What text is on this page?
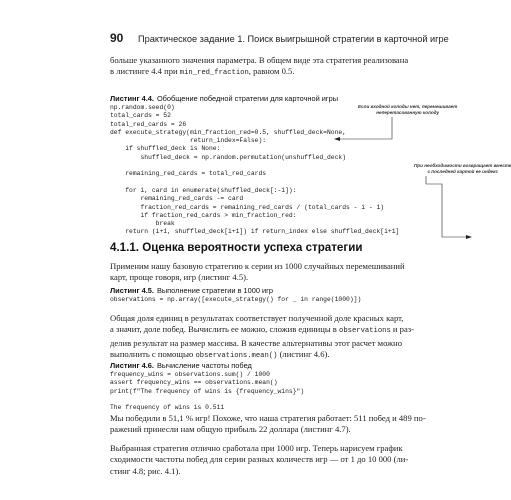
90	Практическое задание 1. Поиск выигрышной стратегии в карточной игре
больше указанного значения параметра. В общем виде эта стратегия реализована
в листинге 4.4 при min_red_fraction, равном 0.5.
Листинг 4.4. Обобщение победной стратегии для карточной игры
np.random.seed(0)
total_cards = 52
total_red_cards = 26
def execute_strategy(min_fraction_red=0.5, shuffled_deck=None,
return_index=False):
if shuffled_deck is None:
shuffled_deck = np.random.permutation(unshuffled_deck)
remaining_red_cards = total_red_cards
for i, card in enumerate(shuffled_deck[:-1]):
remaining_red_cards -= card
fraction_red_cards = remaining_red_cards / (total_cards - i - 1)
if fraction_red_cards > min_fraction_red:
break
return (i+1, shuffled_deck[i+1]) if return_index else shuffled_deck[i+1]
Если входной колоды нет, перемешивает
неперетасованную колоду
При необходимости возвращает вместе
с последней картой ее индекс
4.1.1. Оценка вероятности успеха стратегии
Применим нашу базовую стратегию к серии из 1000 случайных перемешиваний
карт, проще говоря, игр (листинг 4.5).
Листинг 4.5. Выполнение стратегии в 1000 игр
observations = np.array([execute_strategy() for _ in range(1000)])
Общая доля единиц в результатах соответствует полученной доле красных карт,
а значит, доле побед. Вычислить ее можно, сложив единицы в observations и раз-
делив результат на размер массива. В качестве альтернативы этот расчет можно
выполнить с помощью observations.mean() (листинг 4.6).
Листинг 4.6. Вычисление частоты побед
frequency_wins = observations.sum() / 1000
assert frequency_wins == observations.mean()
print(f"The frequency of wins is {frequency_wins}")
The frequency of wins is 0.511
Мы победили в 51,1 % игр! Похоже, что наша стратегия работает: 511 побед и 489 по-
ражений принесли нам общую прибыль 22 доллара (листинг 4.7).
Выбранная стратегия отлично сработала при 1000 игр. Теперь нарисуем график
сходимости частоты побед для серии разных количеств игр — от 1 до 10 000 (ли-
стинг 4.8; рис. 4.1).
